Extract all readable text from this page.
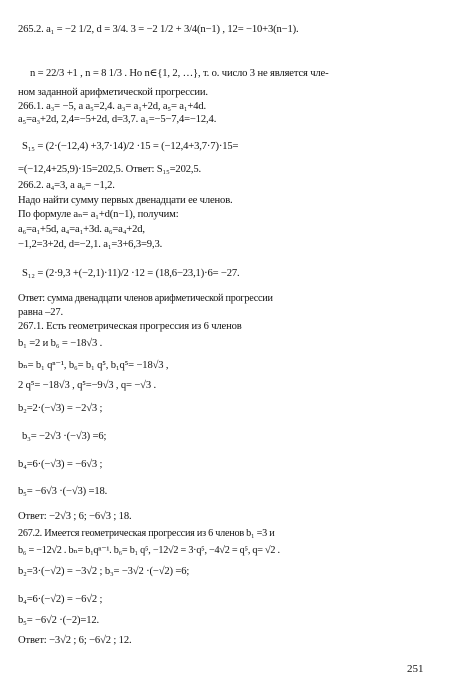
265.2. a₁ = −2 1/2, d = 3/4. 3 = −2 1/2 + 3/4(n−1) , 12= −10+3(n−1).
n = 22/3 +1 , n = 8 1/3 . Но n∈{1, 2, …}, т. о. число 3 не является чле-
ном заданной арифметической прогрессии.
266.1. a₃= −5, а a₅=2,4. a₃= a₁+2d, a₅= a₁+4d.
a₅=a₃+2d, 2,4=−5+2d, d=3,7. a₁=−5−7,4=−12,4.
S₁₅ = (2·(−12,4) +3,7·14)/2 ·15 = (−12,4+3,7·7)·15=
=(−12,4+25,9)·15=202,5. Ответ: S₁₅=202,5.
266.2. a₄=3, а a₆= −1,2.
Надо найти сумму первых двенадцати ее членов.
По формуле aₙ= a₁+d(n−1), получим:
a₆=a₁+5d, a₄=a₁+3d. a₆=a₄+2d,
−1,2=3+2d, d=−2,1. a₁=3+6,3=9,3.
S₁₂ = (2·9,3 +(−2,1)·11)/2 ·12 = (18,6−23,1)·6= −27.
Ответ: сумма двенадцати членов арифметической прогрессии
равна –27.
267.1. Есть геометрическая прогрессия из 6 членов
b₁ =2 и b₆ = −18√3 .
bₙ= b₁ qⁿ⁻¹, b₆= b₁ q⁵, b₁q⁵= −18√3 ,
2 q⁵= −18√3 , q⁵=−9√3 , q= −√3 .
b₂=2·(−√3) = −2√3 ;
b₃= −2√3 ·(−√3) =6;
b₄=6·(−√3) = −6√3 ;
b₅= −6√3 ·(−√3) =18.
Ответ: −2√3 ; 6; −6√3 ; 18.
267.2. Имеется геометрическая прогрессия из 6 членов b₁ =3 и
b₆ = −12√2 . bₙ= b₁qⁿ⁻¹. b₆= b₁ q⁵, −12√2 = 3·q⁵, −4√2 = q⁵, q= √2 .
b₂=3·(−√2) = −3√2 ; b₃= −3√2 ·(−√2) =6;
b₄=6·(−√2) = −6√2 ;
b₅= −6√2 ·(−2)=12.
Ответ: −3√2 ; 6; −6√2 ; 12.
251
